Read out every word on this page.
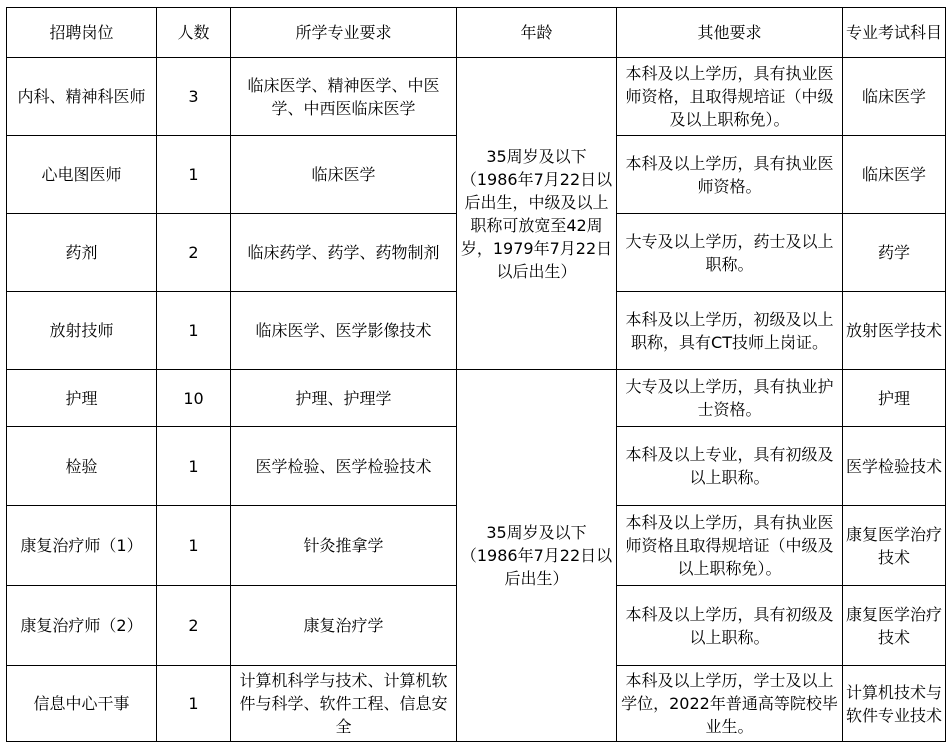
招聘岗位	人数	所学专业要求	年龄	其他要求	专业考试科目
内科、精神科医师	3	临床医学、精神医学、中医学、中西医临床医学	35周岁及以下（1986年7月22日以后出生，中级及以上职称可放宽至42周岁，1979年7月22日以后出生）	本科及以上学历，具有执业医师资格，且取得规培证（中级及以上职称免）。	临床医学
心电图医师	1	临床医学		本科及以上学历，具有执业医师资格。	临床医学
药剂	2	临床药学、药学、药物制剂		大专及以上学历，药士及以上职称。	药学
放射技师	1	临床医学、医学影像技术		本科及以上学历，初级及以上职称，具有CT技师上岗证。	放射医学技术
护理	10	护理、护理学	35周岁及以下（1986年7月22日以后出生）	大专及以上学历，具有执业护士资格。	护理
检验	1	医学检验、医学检验技术		本科及以上专业，具有初级及以上职称。	医学检验技术
康复治疗师（1）	1	针灸推拿学		本科及以上学历，具有执业医师资格且取得规培证（中级及以上职称免）。	康复医学治疗技术
康复治疗师（2）	2	康复治疗学		本科及以上学历，具有初级及以上职称。	康复医学治疗技术
信息中心干事	1	计算机科学与技术、计算机软件与科学、软件工程、信息安全		本科及以上学历，学士及以上学位，2022年普通高等院校毕业生。	计算机技术与软件专业技术
